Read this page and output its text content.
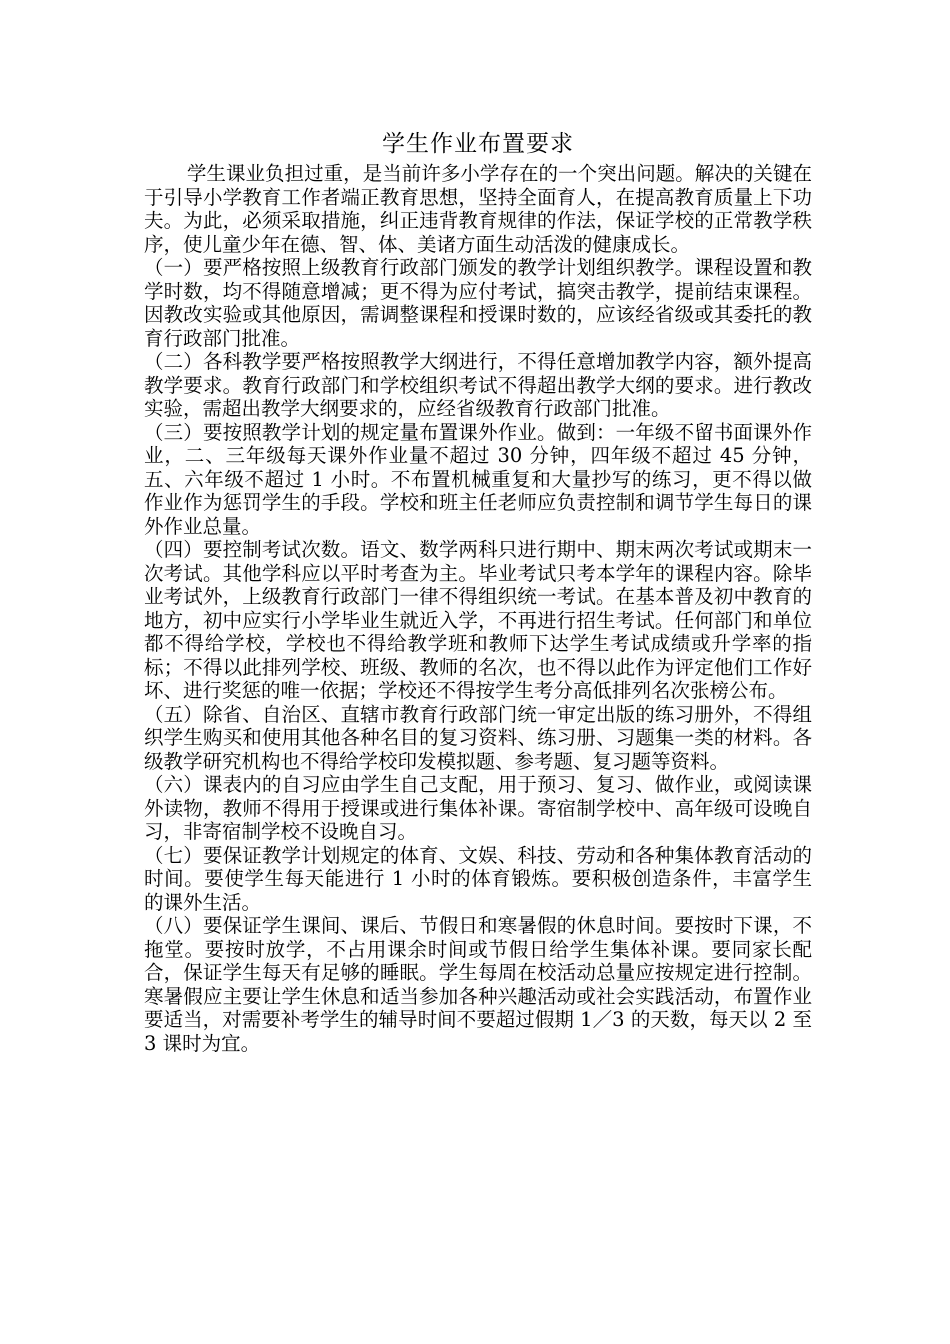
学生作业布置要求

学生课业负担过重，是当前许多小学存在的一个突出问题。解决的关键在于引导小学教育工作者端正教育思想，坚持全面育人，在提高教育质量上下功夫。为此，必须采取措施，纠正违背教育规律的作法，保证学校的正常教学秩序，使儿童少年在德、智、体、美诸方面生动活泼的健康成长。

（一）要严格按照上级教育行政部门颁发的教学计划组织教学。课程设置和教学时数，均不得随意增减；更不得为应付考试，搞突击教学，提前结束课程。因教改实验或其他原因，需调整课程和授课时数的，应该经省级或其委托的教育行政部门批准。

（二）各科教学要严格按照教学大纲进行，不得任意增加教学内容，额外提高教学要求。教育行政部门和学校组织考试不得超出教学大纲的要求。进行教改实验，需超出教学大纲要求的，应经省级教育行政部门批准。

（三）要按照教学计划的规定量布置课外作业。做到：一年级不留书面课外作业，二、三年级每天课外作业量不超过 30 分钟，四年级不超过 45 分钟，五、六年级不超过 1 小时。不布置机械重复和大量抄写的练习，更不得以做作业作为惩罚学生的手段。学校和班主任老师应负责控制和调节学生每日的课外作业总量。

（四）要控制考试次数。语文、数学两科只进行期中、期末两次考试或期末一次考试。其他学科应以平时考查为主。毕业考试只考本学年的课程内容。除毕业考试外，上级教育行政部门一律不得组织统一考试。在基本普及初中教育的地方，初中应实行小学毕业生就近入学，不再进行招生考试。任何部门和单位都不得给学校，学校也不得给教学班和教师下达学生考试成绩或升学率的指标；不得以此排列学校、班级、教师的名次，也不得以此作为评定他们工作好坏、进行奖惩的唯一依据；学校还不得按学生考分高低排列名次张榜公布。

（五）除省、自治区、直辖市教育行政部门统一审定出版的练习册外，不得组织学生购买和使用其他各种名目的复习资料、练习册、习题集一类的材料。各级教学研究机构也不得给学校印发模拟题、参考题、复习题等资料。

（六）课表内的自习应由学生自己支配，用于预习、复习、做作业，或阅读课外读物，教师不得用于授课或进行集体补课。寄宿制学校中、高年级可设晚自习，非寄宿制学校不设晚自习。

（七）要保证教学计划规定的体育、文娱、科技、劳动和各种集体教育活动的时间。要使学生每天能进行 1 小时的体育锻炼。要积极创造条件，丰富学生的课外生活。

（八）要保证学生课间、课后、节假日和寒暑假的休息时间。要按时下课，不拖堂。要按时放学，不占用课余时间或节假日给学生集体补课。要同家长配合，保证学生每天有足够的睡眠。学生每周在校活动总量应按规定进行控制。寒暑假应主要让学生休息和适当参加各种兴趣活动或社会实践活动，布置作业要适当，对需要补考学生的辅导时间不要超过假期 1／3 的天数，每天以 2 至 3 课时为宜。
